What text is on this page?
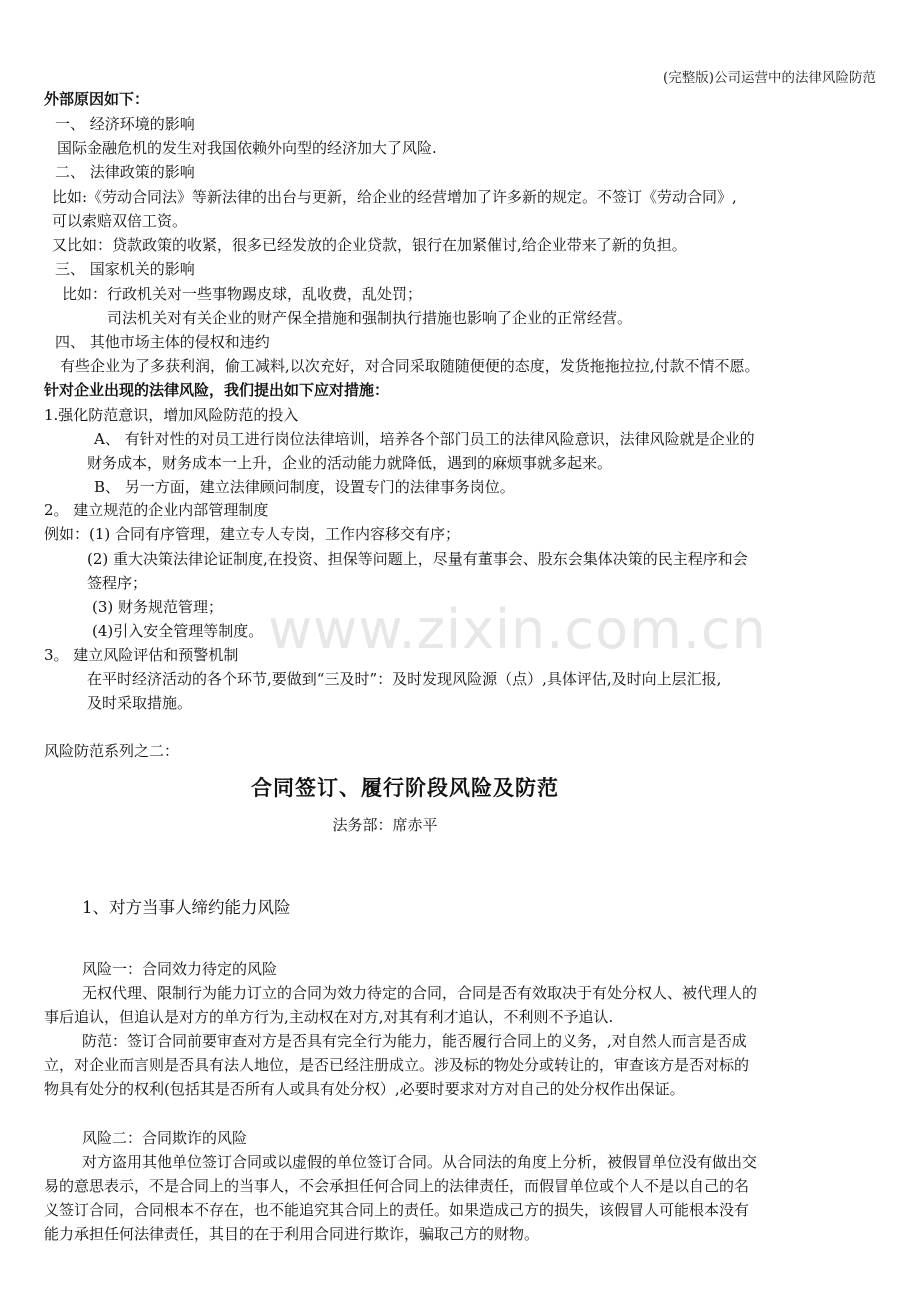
(完整版)公司运营中的法律风险防范
www.zixin.com.cn
外部原因如下：
一、 经济环境的影响
国际金融危机的发生对我国依赖外向型的经济加大了风险.
二、 法律政策的影响
比如:《劳动合同法》等新法律的出台与更新，给企业的经营增加了许多新的规定。不签订《劳动合同》,
可以索赔双倍工资。
又比如：贷款政策的收紧，很多已经发放的企业贷款，银行在加紧催讨,给企业带来了新的负担。
三、 国家机关的影响
比如：行政机关对一些事物踢皮球，乱收费，乱处罚；
司法机关对有关企业的财产保全措施和强制执行措施也影响了企业的正常经营。
四、 其他市场主体的侵权和违约
有些企业为了多获利润，偷工减料,以次充好，对合同采取随随便便的态度，发货拖拖拉拉,付款不情不愿。
针对企业出现的法律风险，我们提出如下应对措施：
1.强化防范意识，增加风险防范的投入
A、 有针对性的对员工进行岗位法律培训，培养各个部门员工的法律风险意识，法律风险就是企业的
财务成本，财务成本一上升，企业的活动能力就降低，遇到的麻烦事就多起来。
B、 另一方面，建立法律顾问制度，设置专门的法律事务岗位。
2。 建立规范的企业内部管理制度
例如：(1) 合同有序管理，建立专人专岗，工作内容移交有序；
(2) 重大决策法律论证制度,在投资、担保等问题上，尽量有董事会、股东会集体决策的民主程序和会
签程序；
(3) 财务规范管理；
(4)引入安全管理等制度。
3。 建立风险评估和预警机制
在平时经济活动的各个环节,要做到“三及时”：及时发现风险源（点）,具体评估,及时向上层汇报,
及时采取措施。
风险防范系列之二：
合同签订、履行阶段风险及防范
法务部：席赤平
1、对方当事人缔约能力风险
风险一：合同效力待定的风险
无权代理、限制行为能力订立的合同为效力待定的合同，合同是否有效取决于有处分权人、被代理人的
事后追认，但追认是对方的单方行为,主动权在对方,对其有利才追认，不利则不予追认.
防范：签订合同前要审查对方是否具有完全行为能力，能否履行合同上的义务，,对自然人而言是否成
立，对企业而言则是否具有法人地位，是否已经注册成立。涉及标的物处分或转让的，审查该方是否对标的
物具有处分的权利(包括其是否所有人或具有处分权）,必要时要求对方对自己的处分权作出保证。
风险二：合同欺诈的风险
对方盗用其他单位签订合同或以虚假的单位签订合同。从合同法的角度上分析，被假冒单位没有做出交
易的意思表示，不是合同上的当事人，不会承担任何合同上的法律责任，而假冒单位或个人不是以自己的名
义签订合同，合同根本不存在，也不能追究其合同上的责任。如果造成己方的损失，该假冒人可能根本没有
能力承担任何法律责任，其目的在于利用合同进行欺诈，骗取己方的财物。
